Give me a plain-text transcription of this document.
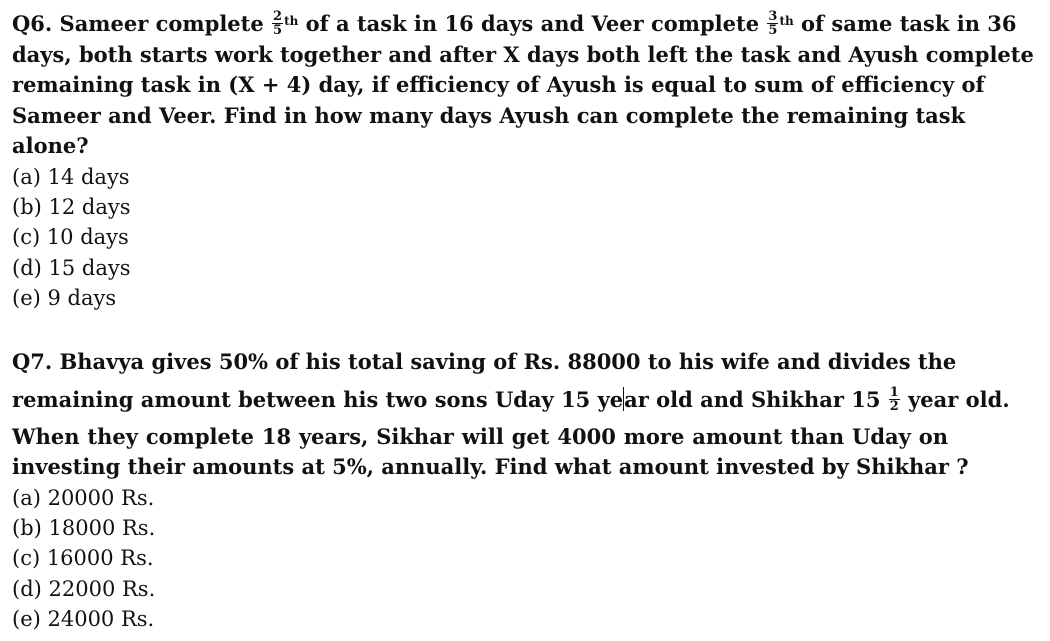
Q6. Sameer complete $\frac{2}{5} ^{th}$ of a task in 16 days and Veer complete $\frac{3}{5} ^{th}$ of same task in 36
days, both starts work together and after X days both left the task and Ayush complete
remaining task in (X + 4) day, if efficiency of Ayush is equal to sum of efficiency of
Sameer and Veer. Find in how many days Ayush can complete the remaining task
alone?
(a) 14 days
(b) 12 days
(c) 10 days
(d) 15 days
(e) 9 days
Q7. Bhavya gives 50% of his total saving of Rs. 88000 to his wife and divides the
remaining amount between his two sons Uday 15 year old and Shikhar $15 \frac{1}{2}$ year old.
When they complete 18 years, Sikhar will get 4000 more amount than Uday on
investing their amounts at 5%, annually. Find what amount invested by Shikhar ?
(a) 20000 Rs.
(b) 18000 Rs.
(c) 16000 Rs.
(d) 22000 Rs.
(e) 24000 Rs.
